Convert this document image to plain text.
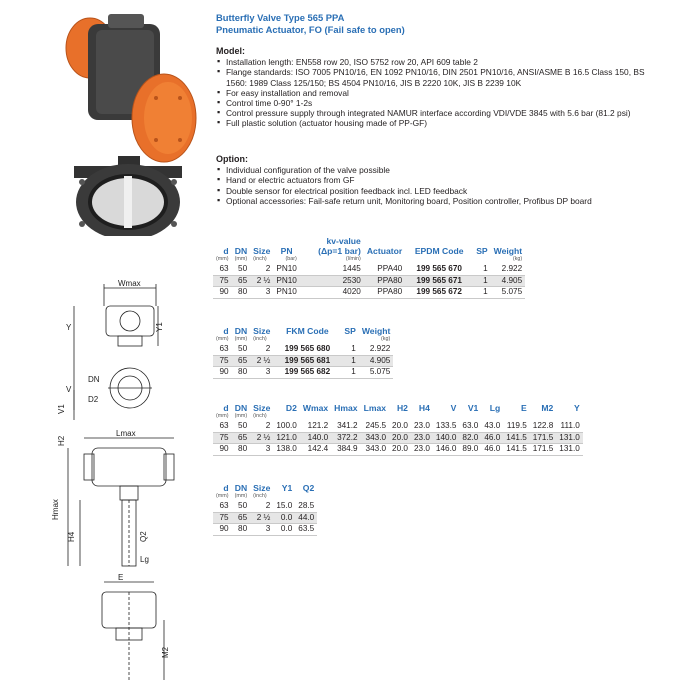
Butterfly Valve Type 565 PPA
Pneumatic Actuator, FO (Fail safe to open)
Model:
▪ Installation length: EN558 row 20, ISO 5752 row 20, API 609 table 2
▪ Flange standards: ISO 7005 PN10/16, EN 1092 PN10/16, DIN 2501 PN10/16, ANSI/ASME B 16.5 Class 150, BS 1560: 1989 Class 125/150; BS 4504 PN10/16, JIS B 2220 10K, JIS B 2239 10K
▪ For easy installation and removal
▪ Control time 0-90° 1-2s
▪ Control pressure supply through integrated NAMUR interface according VDI/VDE 3845 with 5.6 bar (81.2 psi)
▪ Full plastic solution (actuator housing made of PP-GF)
Option:
▪ Individual configuration of the valve possible
▪ Hand or electric actuators from GF
▪ Double sensor for electrical position feedback incl. LED feedback
▪ Optional accessories: Fail-safe return unit, Monitoring board, Position controller, Profibus DP board
d	DN	Size	PN	kv-value (Δp=1 bar)	Actuator	EPDM Code	SP	Weight
(mm)	(mm)	(inch)	(bar)	(l/min)				(kg)
63	50	2	PN10	1445	PPA40	199 565 670	1	2.922
75	65	2 ½	PN10	2530	PPA80	199 565 671	1	4.905
90	80	3	PN10	4020	PPA80	199 565 672	1	5.075
d	DN	Size	FKM Code	SP	Weight
(mm)	(mm)	(inch)			(kg)
63	50	2	199 565 680	1	2.922
75	65	2 ½	199 565 681	1	4.905
90	80	3	199 565 682	1	5.075
d	DN	Size	D2	Wmax	Hmax	Lmax	H2	H4	V	V1	Lg	E	M2	Y
(mm)	(mm)	(inch)												
63	50	2	100.0	121.2	341.2	245.5	20.0	23.0	133.5	63.0	43.0	119.5	122.8	111.0
75	65	2 ½	121.0	140.0	372.2	343.0	20.0	23.0	140.0	82.0	46.0	141.5	171.5	131.0
90	80	3	138.0	142.4	384.9	343.0	20.0	23.0	146.0	89.0	46.0	141.5	171.5	131.0
d	DN	Size	Y1	Q2
(mm)	(mm)	(inch)		
63	50	2	15.0	28.5
75	65	2 ½	0.0	44.0
90	80	3	0.0	63.5
Wmax
Y	Y1
V
DN
D2
V1
Lmax
H2
Hmax
H4	Q2
Lg
E
M2
